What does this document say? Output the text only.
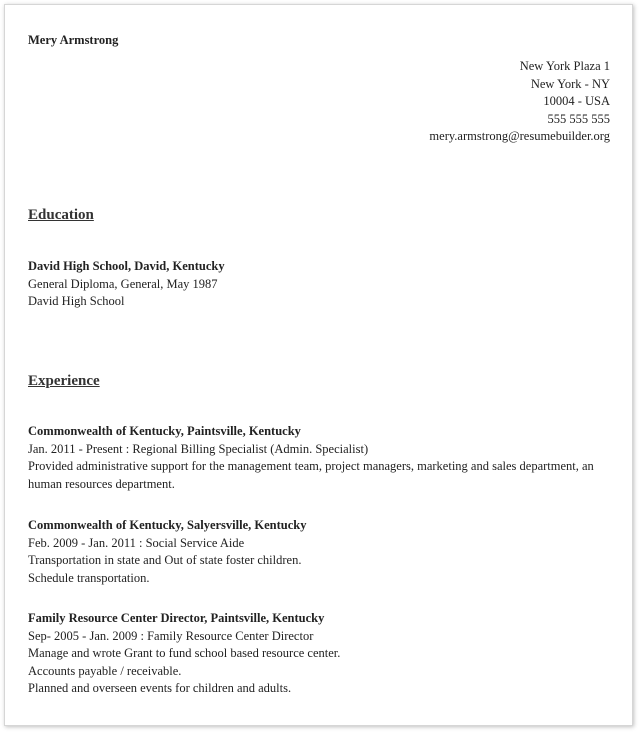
Mery Armstrong
New York Plaza 1
New York - NY
10004 - USA
555 555 555
mery.armstrong@resumebuilder.org
Education
David High School, David, Kentucky
General Diploma, General, May 1987
David High School
Experience
Commonwealth of Kentucky, Paintsville, Kentucky
Jan. 2011 - Present : Regional Billing Specialist (Admin. Specialist)
Provided administrative support for the management team, project managers, marketing and sales department, an human resources department.
Commonwealth of Kentucky, Salyersville, Kentucky
Feb. 2009 - Jan. 2011 : Social Service Aide
Transportation in state and Out of state foster children.
Schedule transportation.
Family Resource Center Director, Paintsville, Kentucky
Sep- 2005 - Jan. 2009 : Family Resource Center Director
Manage and wrote Grant to fund school based resource center.
Accounts payable / receivable.
Planned and overseen events for children and adults.
